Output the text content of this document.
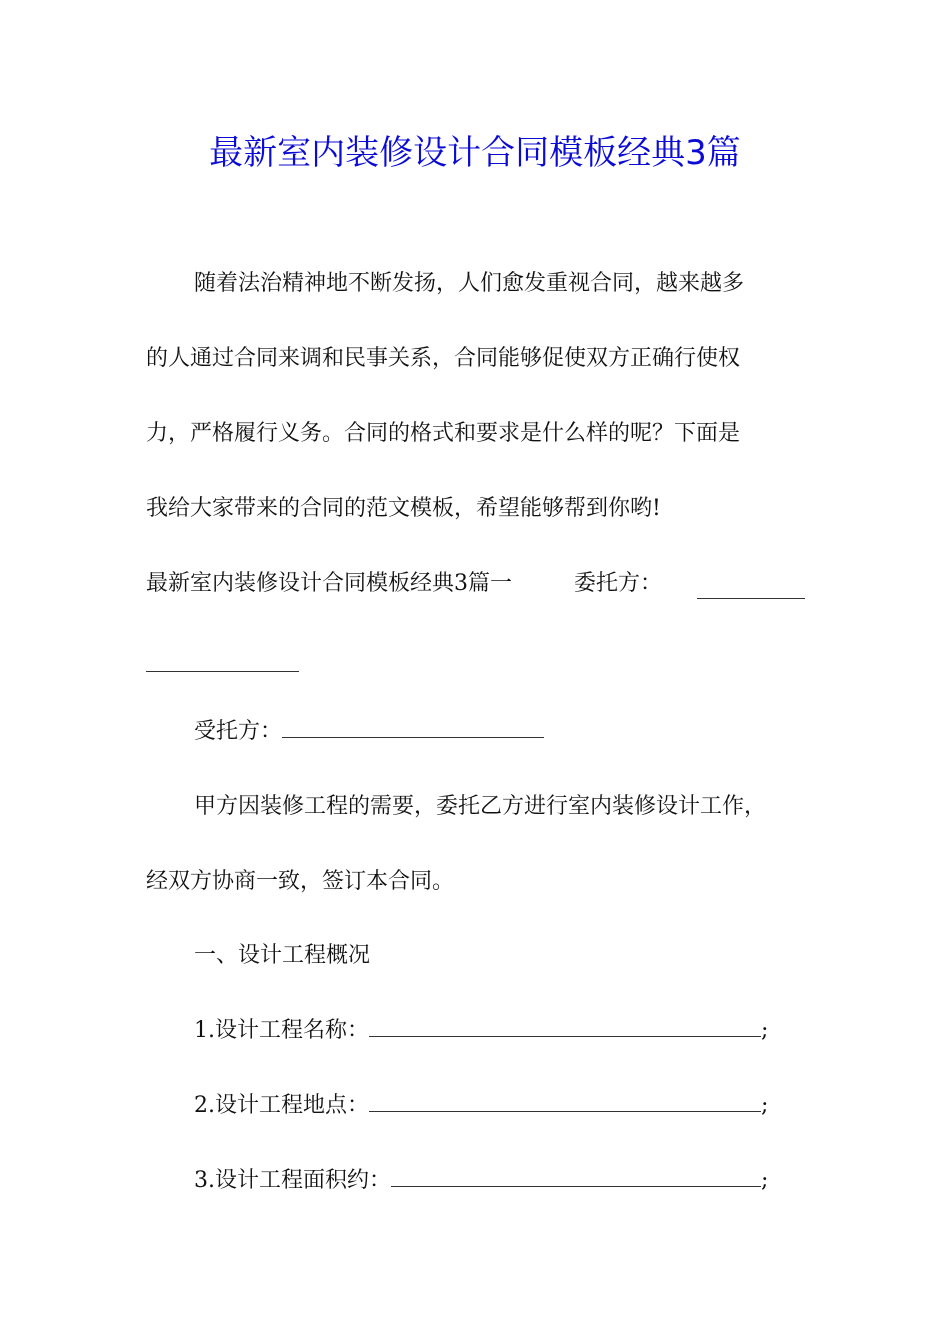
最新室内装修设计合同模板经典3篇
随着法治精神地不断发扬，人们愈发重视合同，越来越多
的人通过合同来调和民事关系，合同能够促使双方正确行使权
力，严格履行义务。合同的格式和要求是什么样的呢？下面是
我给大家带来的合同的范文模板，希望能够帮到你哟!
最新室内装修设计合同模板经典3篇一	委托方：
受托方：
甲方因装修工程的需要，委托乙方进行室内装修设计工作，
经双方协商一致，签订本合同。
一、设计工程概况
1.设计工程名称：	;
2.设计工程地点：	;
3.设计工程面积约：	;
